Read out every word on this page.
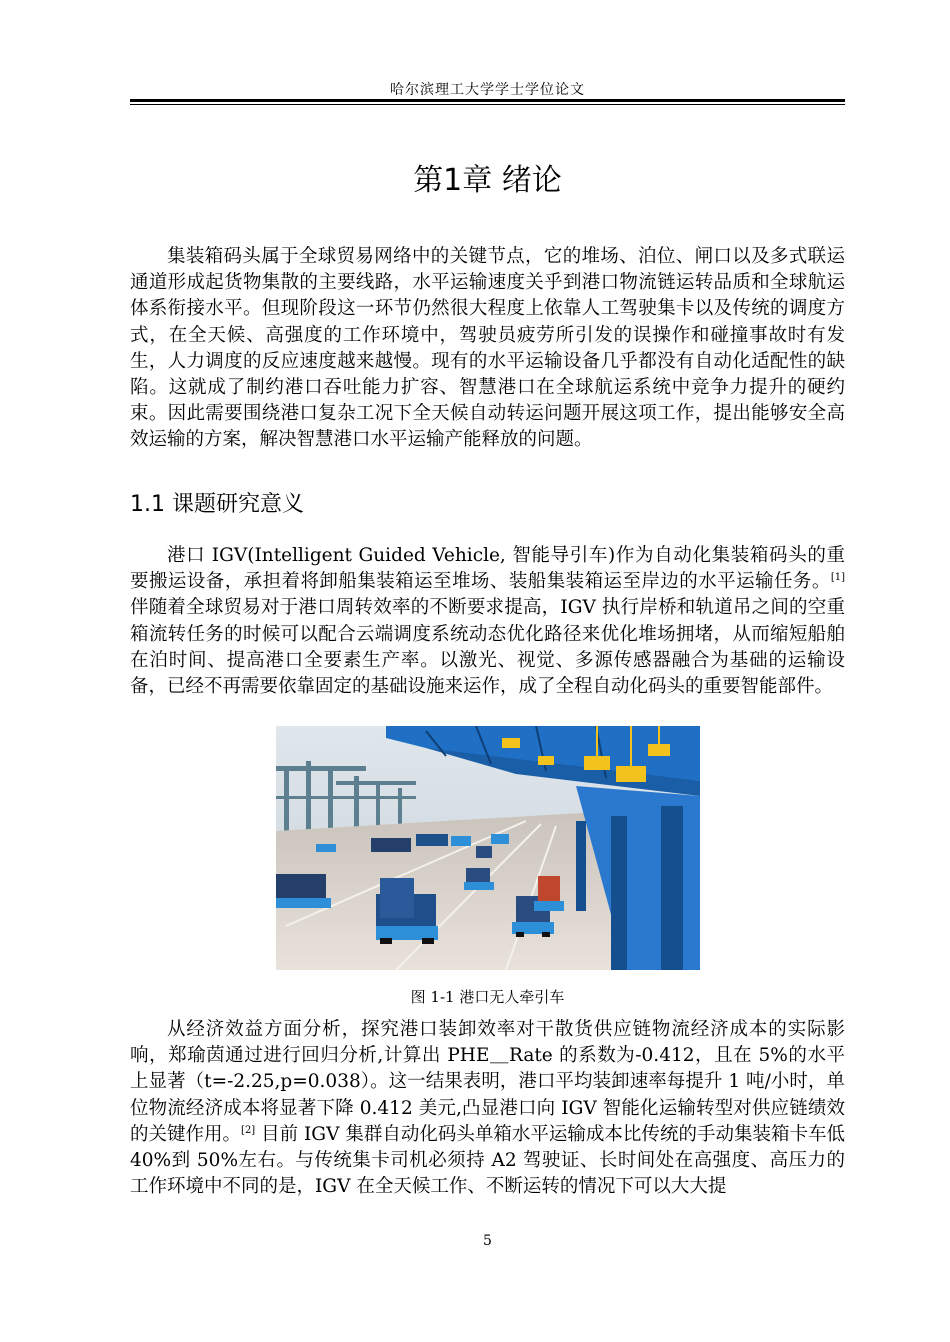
哈尔滨理工大学学士学位论文
第1章 绪论

集装箱码头属于全球贸易网络中的关键节点，它的堆场、泊位、闸口以及多式联运通道形成起货物集散的主要线路，水平运输速度关乎到港口物流链运转品质和全球航运体系衔接水平。但现阶段这一环节仍然很大程度上依靠人工驾驶集卡以及传统的调度方式，在全天候、高强度的工作环境中，驾驶员疲劳所引发的误操作和碰撞事故时有发生，人力调度的反应速度越来越慢。现有的水平运输设备几乎都没有自动化适配性的缺陷。这就成了制约港口吞吐能力扩容、智慧港口在全球航运系统中竞争力提升的硬约束。因此需要围绕港口复杂工况下全天候自动转运问题开展这项工作，提出能够安全高效运输的方案，解决智慧港口水平运输产能释放的问题。

1.1 课题研究意义

港口 IGV(Intelligent Guided Vehicle, 智能导引车)作为自动化集装箱码头的重要搬运设备，承担着将卸船集装箱运至堆场、装船集装箱运至岸边的水平运输任务。[1] 伴随着全球贸易对于港口周转效率的不断要求提高，IGV 执行岸桥和轨道吊之间的空重箱流转任务的时候可以配合云端调度系统动态优化路径来优化堆场拥堵，从而缩短船舶在泊时间、提高港口全要素生产率。以激光、视觉、多源传感器融合为基础的运输设备，已经不再需要依靠固定的基础设施来运作，成了全程自动化码头的重要智能部件。

图 1-1 港口无人牵引车

从经济效益方面分析，探究港口装卸效率对干散货供应链物流经济成本的实际影响，郑瑜茵通过进行回归分析,计算出 PHE＿Rate 的系数为-0.412，且在 5%的水平上显著（t=-2.25,p=0.038）。这一结果表明，港口平均装卸速率每提升 1 吨/小时，单位物流经济成本将显著下降 0.412 美元,凸显港口向 IGV 智能化运输转型对供应链绩效的关键作用。[2] 目前 IGV 集群自动化码头单箱水平运输成本比传统的手动集装箱卡车低 40%到 50%左右。与传统集卡司机必须持 A2 驾驶证、长时间处在高强度、高压力的工作环境中不同的是，IGV 在全天候工作、不断运转的情况下可以大大提

5
